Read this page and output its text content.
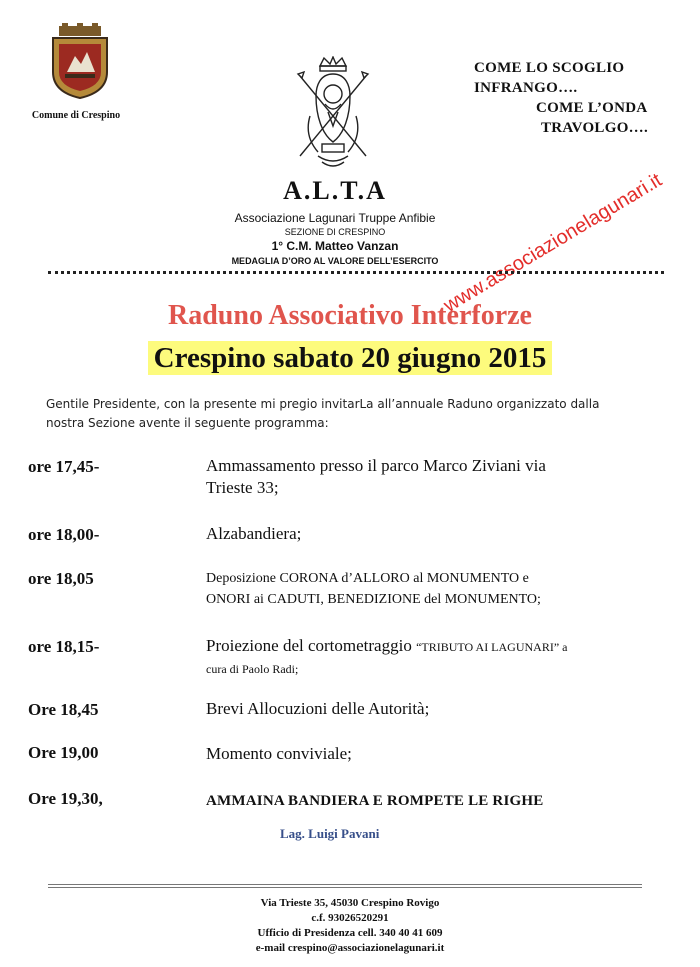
Comune di Crespino
COME LO SCOGLIO
INFRANGO….
COME L’ONDA
TRAVOLGO….
A.L.T.A
Associazione Lagunari Truppe Anfibie
SEZIONE DI CRESPINO
1° C.M. Matteo Vanzan
MEDAGLIA D’ORO AL VALORE DELL’ESERCITO www.associazionelagunari.it
Raduno Associativo Interforze
Crespino sabato 20 giugno 2015
Gentile Presidente, con la presente mi pregio invitarLa all’annuale Raduno organizzato dalla
nostra Sezione avente il seguente programma:
ore 17,45-	Ammassamento presso il parco Marco Ziviani via
Trieste 33;
ore 18,00-	Alzabandiera;
ore 18,05	Deposizione CORONA d’ALLORO al MONUMENTO e
ONORI ai CADUTI, BENEDIZIONE del MONUMENTO;
ore 18,15-	Proiezione del cortometraggio “TRIBUTO AI LAGUNARI” a
cura di Paolo Radi;
Ore 18,45	Brevi Allocuzioni delle Autorità;
Ore 19,00	Momento conviviale;
Ore 19,30,	AMMAINA BANDIERA E ROMPETE LE RIGHE
Lag. Luigi Pavani
Via Trieste 35, 45030 Crespino Rovigo
c.f. 93026520291
Ufficio di Presidenza cell. 340 40 41 609
e-mail crespino@associazionelagunari.it
